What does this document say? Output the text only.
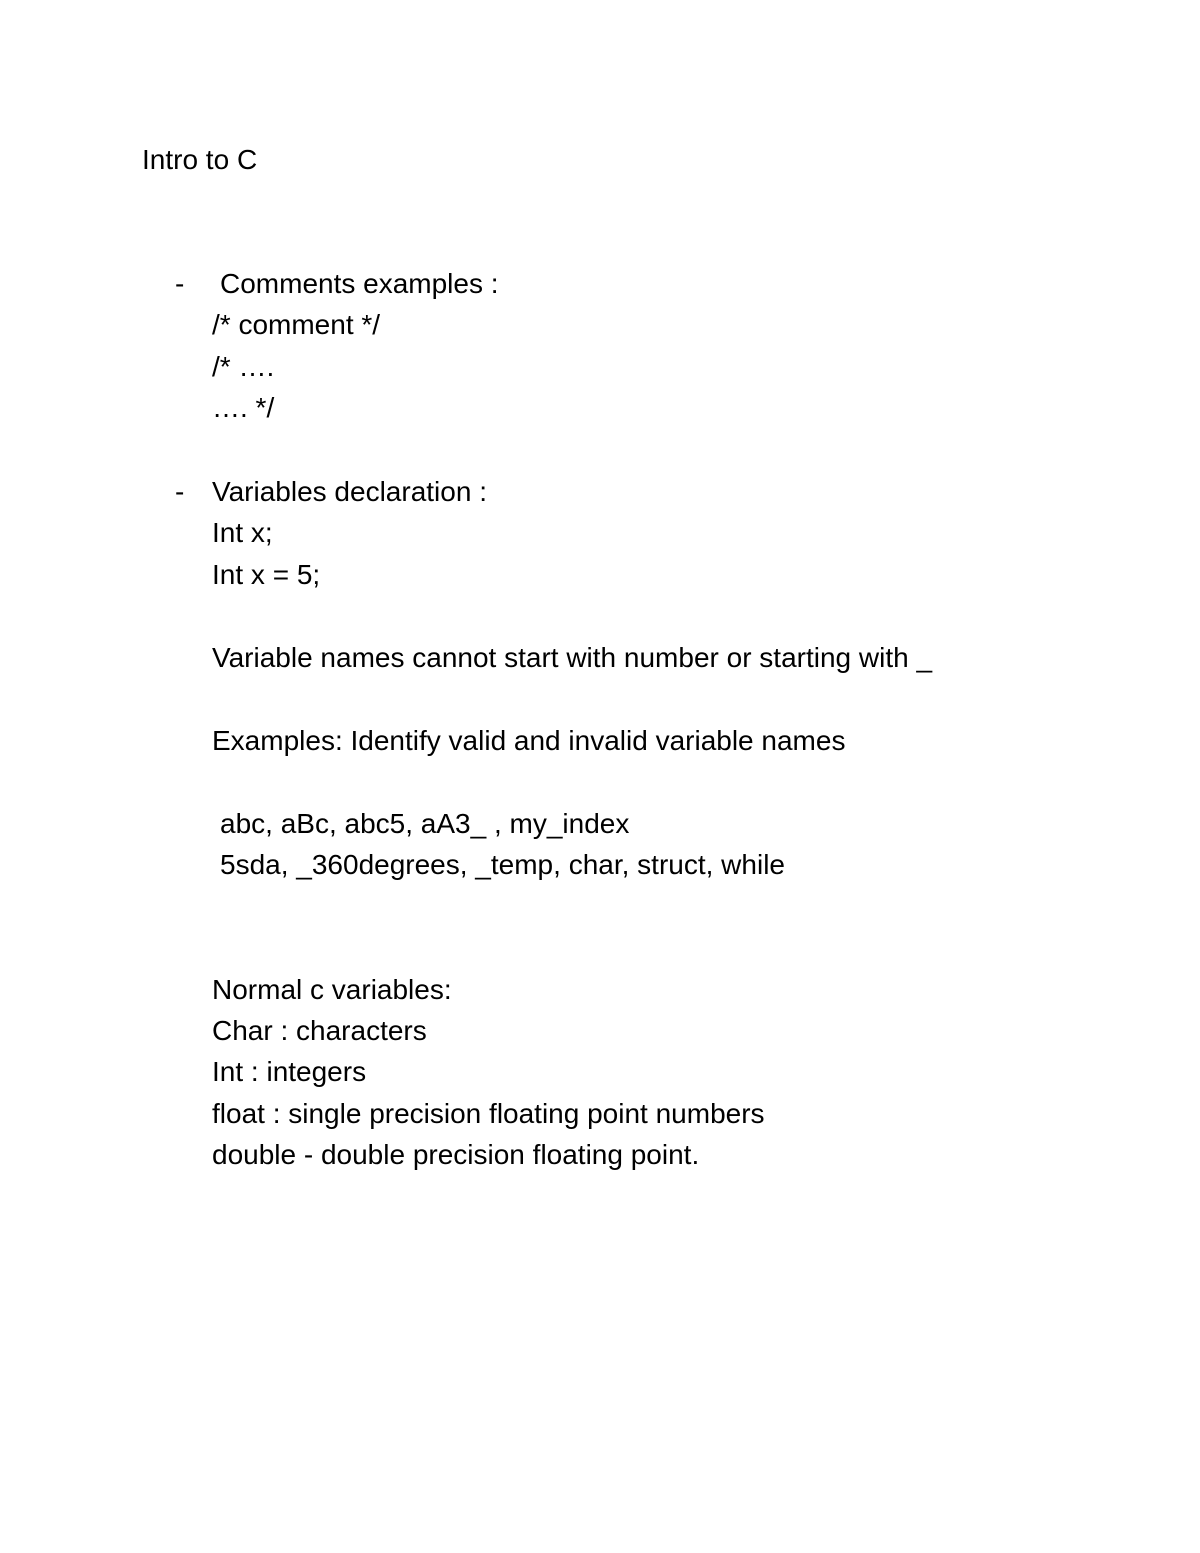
Intro to C
- Comments examples :
/* comment */
/* ….
…. */
- Variables declaration :
Int x;
Int x = 5;
Variable names cannot start with number or starting with _
Examples: Identify valid and invalid variable names
abc, aBc, abc5, aA3_ , my_index
5sda, _360degrees, _temp, char, struct, while
Normal c variables:
Char : characters
Int : integers
float : single precision floating point numbers
double - double precision floating point.
